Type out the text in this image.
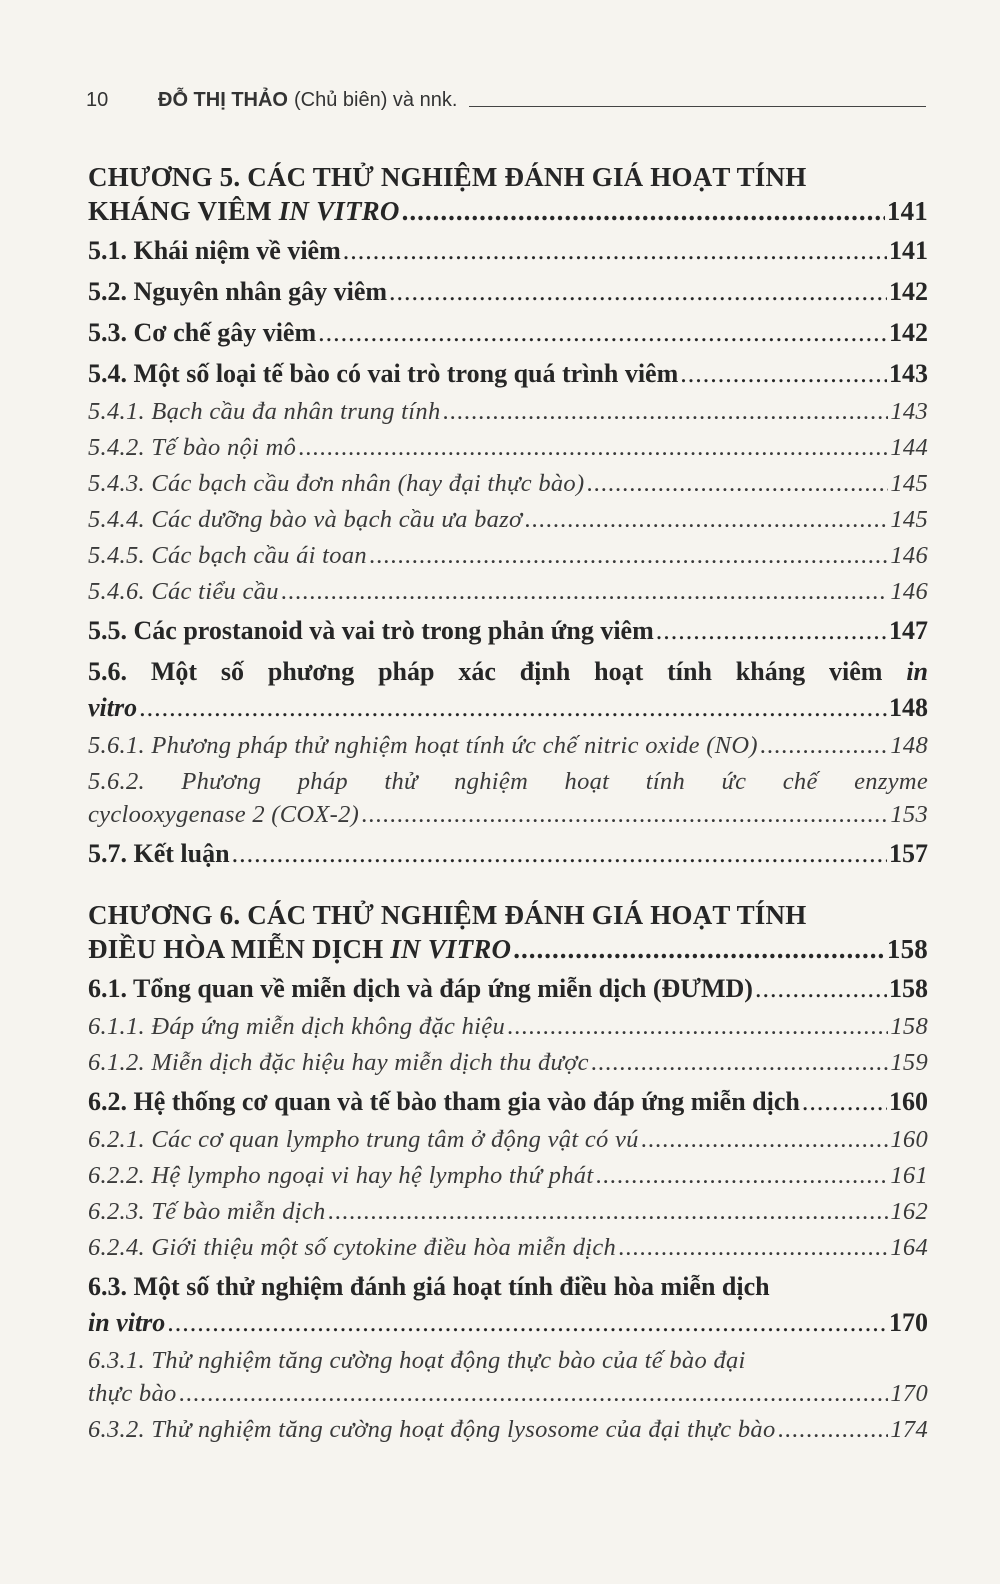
10	ĐỖ THỊ THẢO (Chủ biên) và nnk.
CHƯƠNG 5. CÁC THỬ NGHIỆM ĐÁNH GIÁ HOẠT TÍNH
KHÁNG VIÊM IN VITRO .....	141
5.1. Khái niệm về viêm .....	141
5.2. Nguyên nhân gây viêm .....	142
5.3. Cơ chế gây viêm .....	142
5.4. Một số loại tế bào có vai trò trong quá trình viêm .....	143
5.4.1. Bạch cầu đa nhân trung tính .....	143
5.4.2. Tế bào nội mô .....	144
5.4.3. Các bạch cầu đơn nhân (hay đại thực bào) .....	145
5.4.4. Các dưỡng bào và bạch cầu ưa bazơ .....	145
5.4.5. Các bạch cầu ái toan .....	146
5.4.6. Các tiểu cầu .....	146
5.5. Các prostanoid và vai trò trong phản ứng viêm .....	147
5.6. Một số phương pháp xác định hoạt tính kháng viêm in
vitro .....	148
5.6.1. Phương pháp thử nghiệm hoạt tính ức chế nitric oxide (NO) .....	148
5.6.2. Phương pháp thử nghiệm hoạt tính ức chế enzyme
cyclooxygenase 2 (COX-2) .....	153
5.7. Kết luận .....	157
CHƯƠNG 6. CÁC THỬ NGHIỆM ĐÁNH GIÁ HOẠT TÍNH
ĐIỀU HÒA MIỄN DỊCH IN VITRO .....	158
6.1. Tổng quan về miễn dịch và đáp ứng miễn dịch (ĐƯMD) .....	158
6.1.1. Đáp ứng miễn dịch không đặc hiệu .....	158
6.1.2. Miễn dịch đặc hiệu hay miễn dịch thu được .....	159
6.2. Hệ thống cơ quan và tế bào tham gia vào đáp ứng miễn dịch .....	160
6.2.1. Các cơ quan lympho trung tâm ở động vật có vú .....	160
6.2.2. Hệ lympho ngoại vi hay hệ lympho thứ phát .....	161
6.2.3. Tế bào miễn dịch .....	162
6.2.4. Giới thiệu một số cytokine điều hòa miễn dịch .....	164
6.3. Một số thử nghiệm đánh giá hoạt tính điều hòa miễn dịch
in vitro .....	170
6.3.1. Thử nghiệm tăng cường hoạt động thực bào của tế bào đại
thực bào .....	170
6.3.2. Thử nghiệm tăng cường hoạt động lysosome của đại thực bào .....	174
